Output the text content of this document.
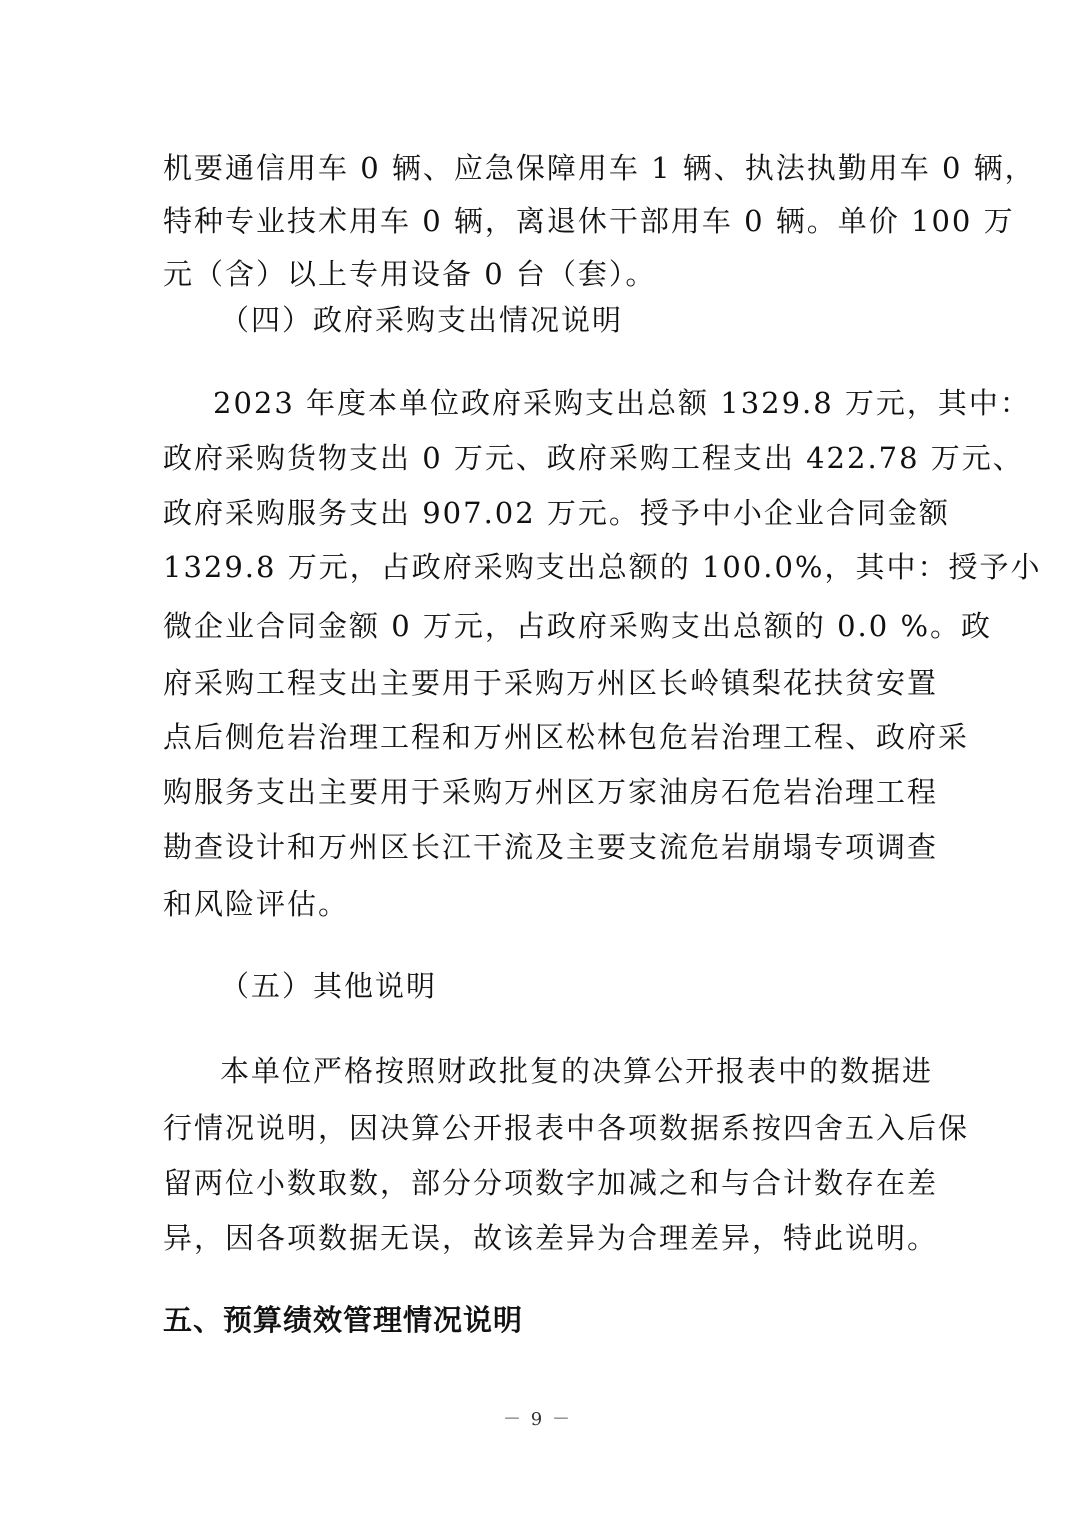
机要通信用车 0 辆、应急保障用车 1 辆、执法执勤用车 0 辆，
特种专业技术用车 0 辆，离退休干部用车 0 辆。单价 100 万
元（含）以上专用设备 0 台（套）。
（四）政府采购支出情况说明
2023 年度本单位政府采购支出总额 1329.8 万元，其中：
政府采购货物支出 0 万元、政府采购工程支出 422.78 万元、
政府采购服务支出 907.02 万元。授予中小企业合同金额
1329.8 万元，占政府采购支出总额的 100.0%，其中：授予小
微企业合同金额 0 万元，占政府采购支出总额的 0.0 %。政
府采购工程支出主要用于采购万州区长岭镇梨花扶贫安置
点后侧危岩治理工程和万州区松林包危岩治理工程、政府采
购服务支出主要用于采购万州区万家油房石危岩治理工程
勘查设计和万州区长江干流及主要支流危岩崩塌专项调查
和风险评估。
（五）其他说明
本单位严格按照财政批复的决算公开报表中的数据进
行情况说明，因决算公开报表中各项数据系按四舍五入后保
留两位小数取数，部分分项数字加减之和与合计数存在差
异，因各项数据无误，故该差异为合理差异，特此说明。
五、预算绩效管理情况说明
－ 9 －
